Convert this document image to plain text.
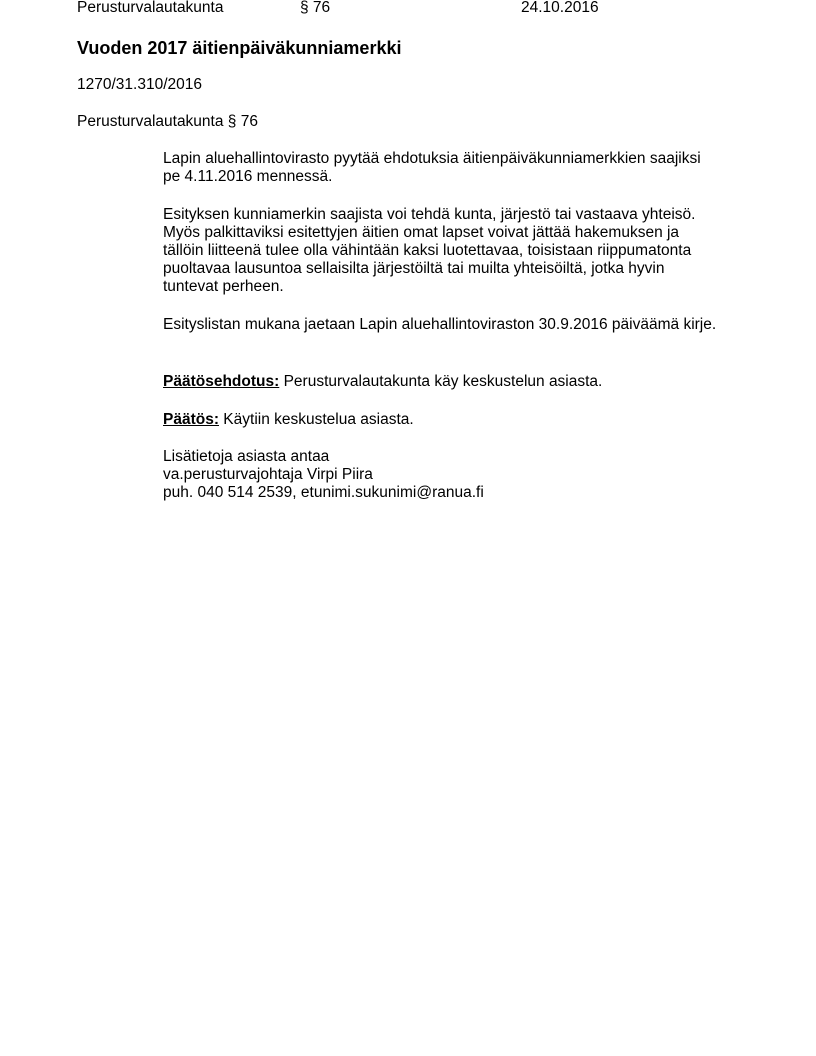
Perusturvalautakunta	§ 76	24.10.2016
Vuoden 2017 äitienpäiväkunniamerkki
1270/31.310/2016
Perusturvalautakunta § 76
Lapin aluehallintovirasto pyytää ehdotuksia äitienpäiväkunniamerkkien saajiksi
pe 4.11.2016 mennessä.
Esityksen kunniamerkin saajista voi tehdä kunta, järjestö tai vastaava yhteisö.
Myös palkittaviksi esitettyjen äitien omat lapset voivat jättää hakemuksen ja
tällöin liitteenä tulee olla vähintään kaksi luotettavaa, toisistaan riippumatonta
puoltavaa lausuntoa sellaisilta järjestöiltä tai muilta yhteisöiltä, jotka hyvin
tuntevat perheen.
Esityslistan mukana jaetaan Lapin aluehallintoviraston 30.9.2016 päiväämä kirje.
Päätösehdotus: Perusturvalautakunta käy keskustelun asiasta.
Päätös: Käytiin keskustelua asiasta.
Lisätietoja asiasta antaa
va.perusturvajohtaja Virpi Piira
puh. 040 514 2539, etunimi.sukunimi@ranua.fi
